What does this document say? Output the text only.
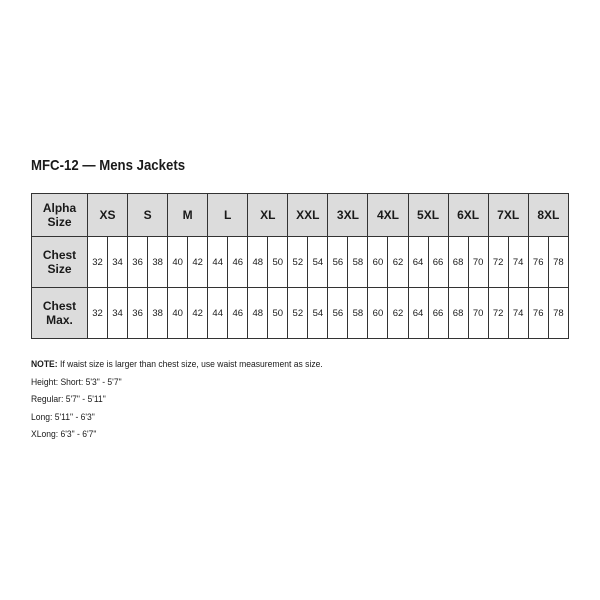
MFC-12 — Mens Jackets
Alpha
Size	XS		S		M		L		XL		XXL		3XL		4XL		5XL		6XL		7XL		8XL	
Chest
Size	32	34	36	38	40	42	44	46	48	50	52	54	56	58	60	62	64	66	68	70	72	74	76	78
Chest
Max.	32	34	36	38	40	42	44	46	48	50	52	54	56	58	60	62	64	66	68	70	72	74	76	78
NOTE: If waist size is larger than chest size, use waist measurement as size.
Height: Short: 5'3" - 5'7"
Regular: 5'7" - 5'11"
Long: 5'11" - 6'3"
XLong: 6'3" - 6'7"
